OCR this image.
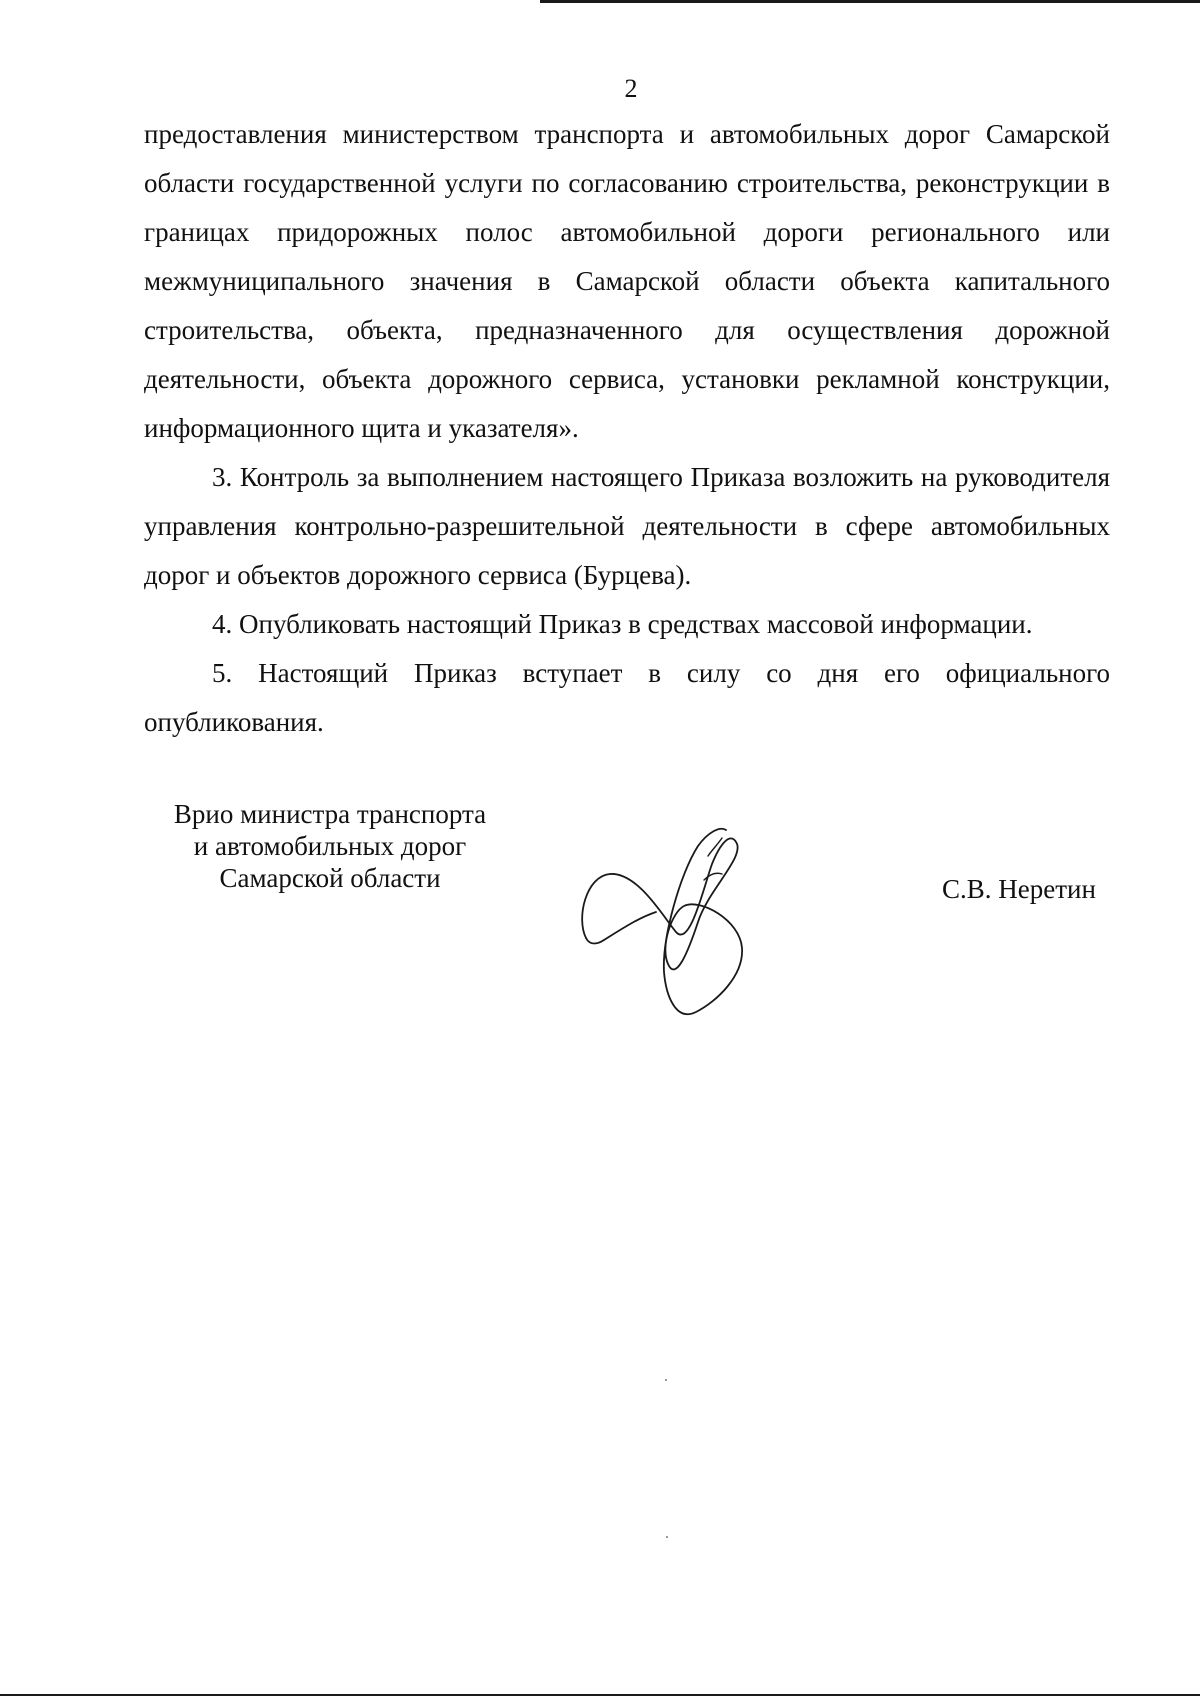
2

предоставления министерством транспорта и автомобильных дорог Самарской области государственной услуги по согласованию строительства, реконструкции в границах придорожных полос автомобильной дороги регионального или межмуниципального значения в Самарской области объекта капитального строительства, объекта, предназначенного для осуществления дорожной деятельности, объекта дорожного сервиса, установки рекламной конструкции, информационного щита и указателя».

3. Контроль за выполнением настоящего Приказа возложить на руководителя управления контрольно-разрешительной деятельности в сфере автомобильных дорог и объектов дорожного сервиса (Бурцева).

4. Опубликовать настоящий Приказ в средствах массовой информации.

5. Настоящий Приказ вступает в силу со дня его официального опубликования.

Врио министра транспорта
и автомобильных дорог
Самарской области	С.В. Неретин
